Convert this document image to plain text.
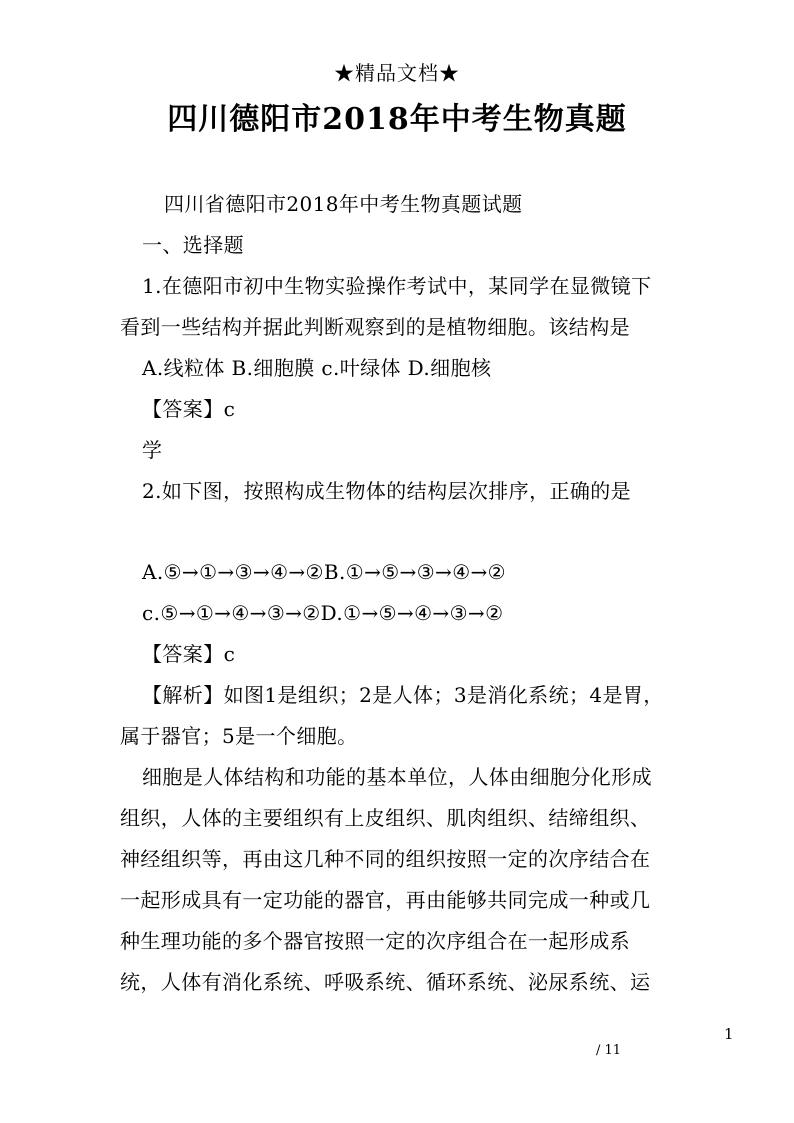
★精品文档★
四川德阳市2018年中考生物真题
四川省德阳市2018年中考生物真题试题
一、选择题
1.在德阳市初中生物实验操作考试中，某同学在显微镜下
看到一些结构并据此判断观察到的是植物细胞。该结构是
A.线粒体 B.细胞膜 c.叶绿体 D.细胞核
【答案】c
学
2.如下图，按照构成生物体的结构层次排序，正确的是
A.⑤→①→③→④→②B.①→⑤→③→④→②
c.⑤→①→④→③→②D.①→⑤→④→③→②
【答案】c
【解析】如图1是组织；2是人体；3是消化系统；4是胃，
属于器官；5是一个细胞。
细胞是人体结构和功能的基本单位，人体由细胞分化形成
组织，人体的主要组织有上皮组织、肌肉组织、结缔组织、
神经组织等，再由这几种不同的组织按照一定的次序结合在
一起形成具有一定功能的器官，再由能够共同完成一种或几
种生理功能的多个器官按照一定的次序组合在一起形成系
统，人体有消化系统、呼吸系统、循环系统、泌尿系统、运
1
/ 11
